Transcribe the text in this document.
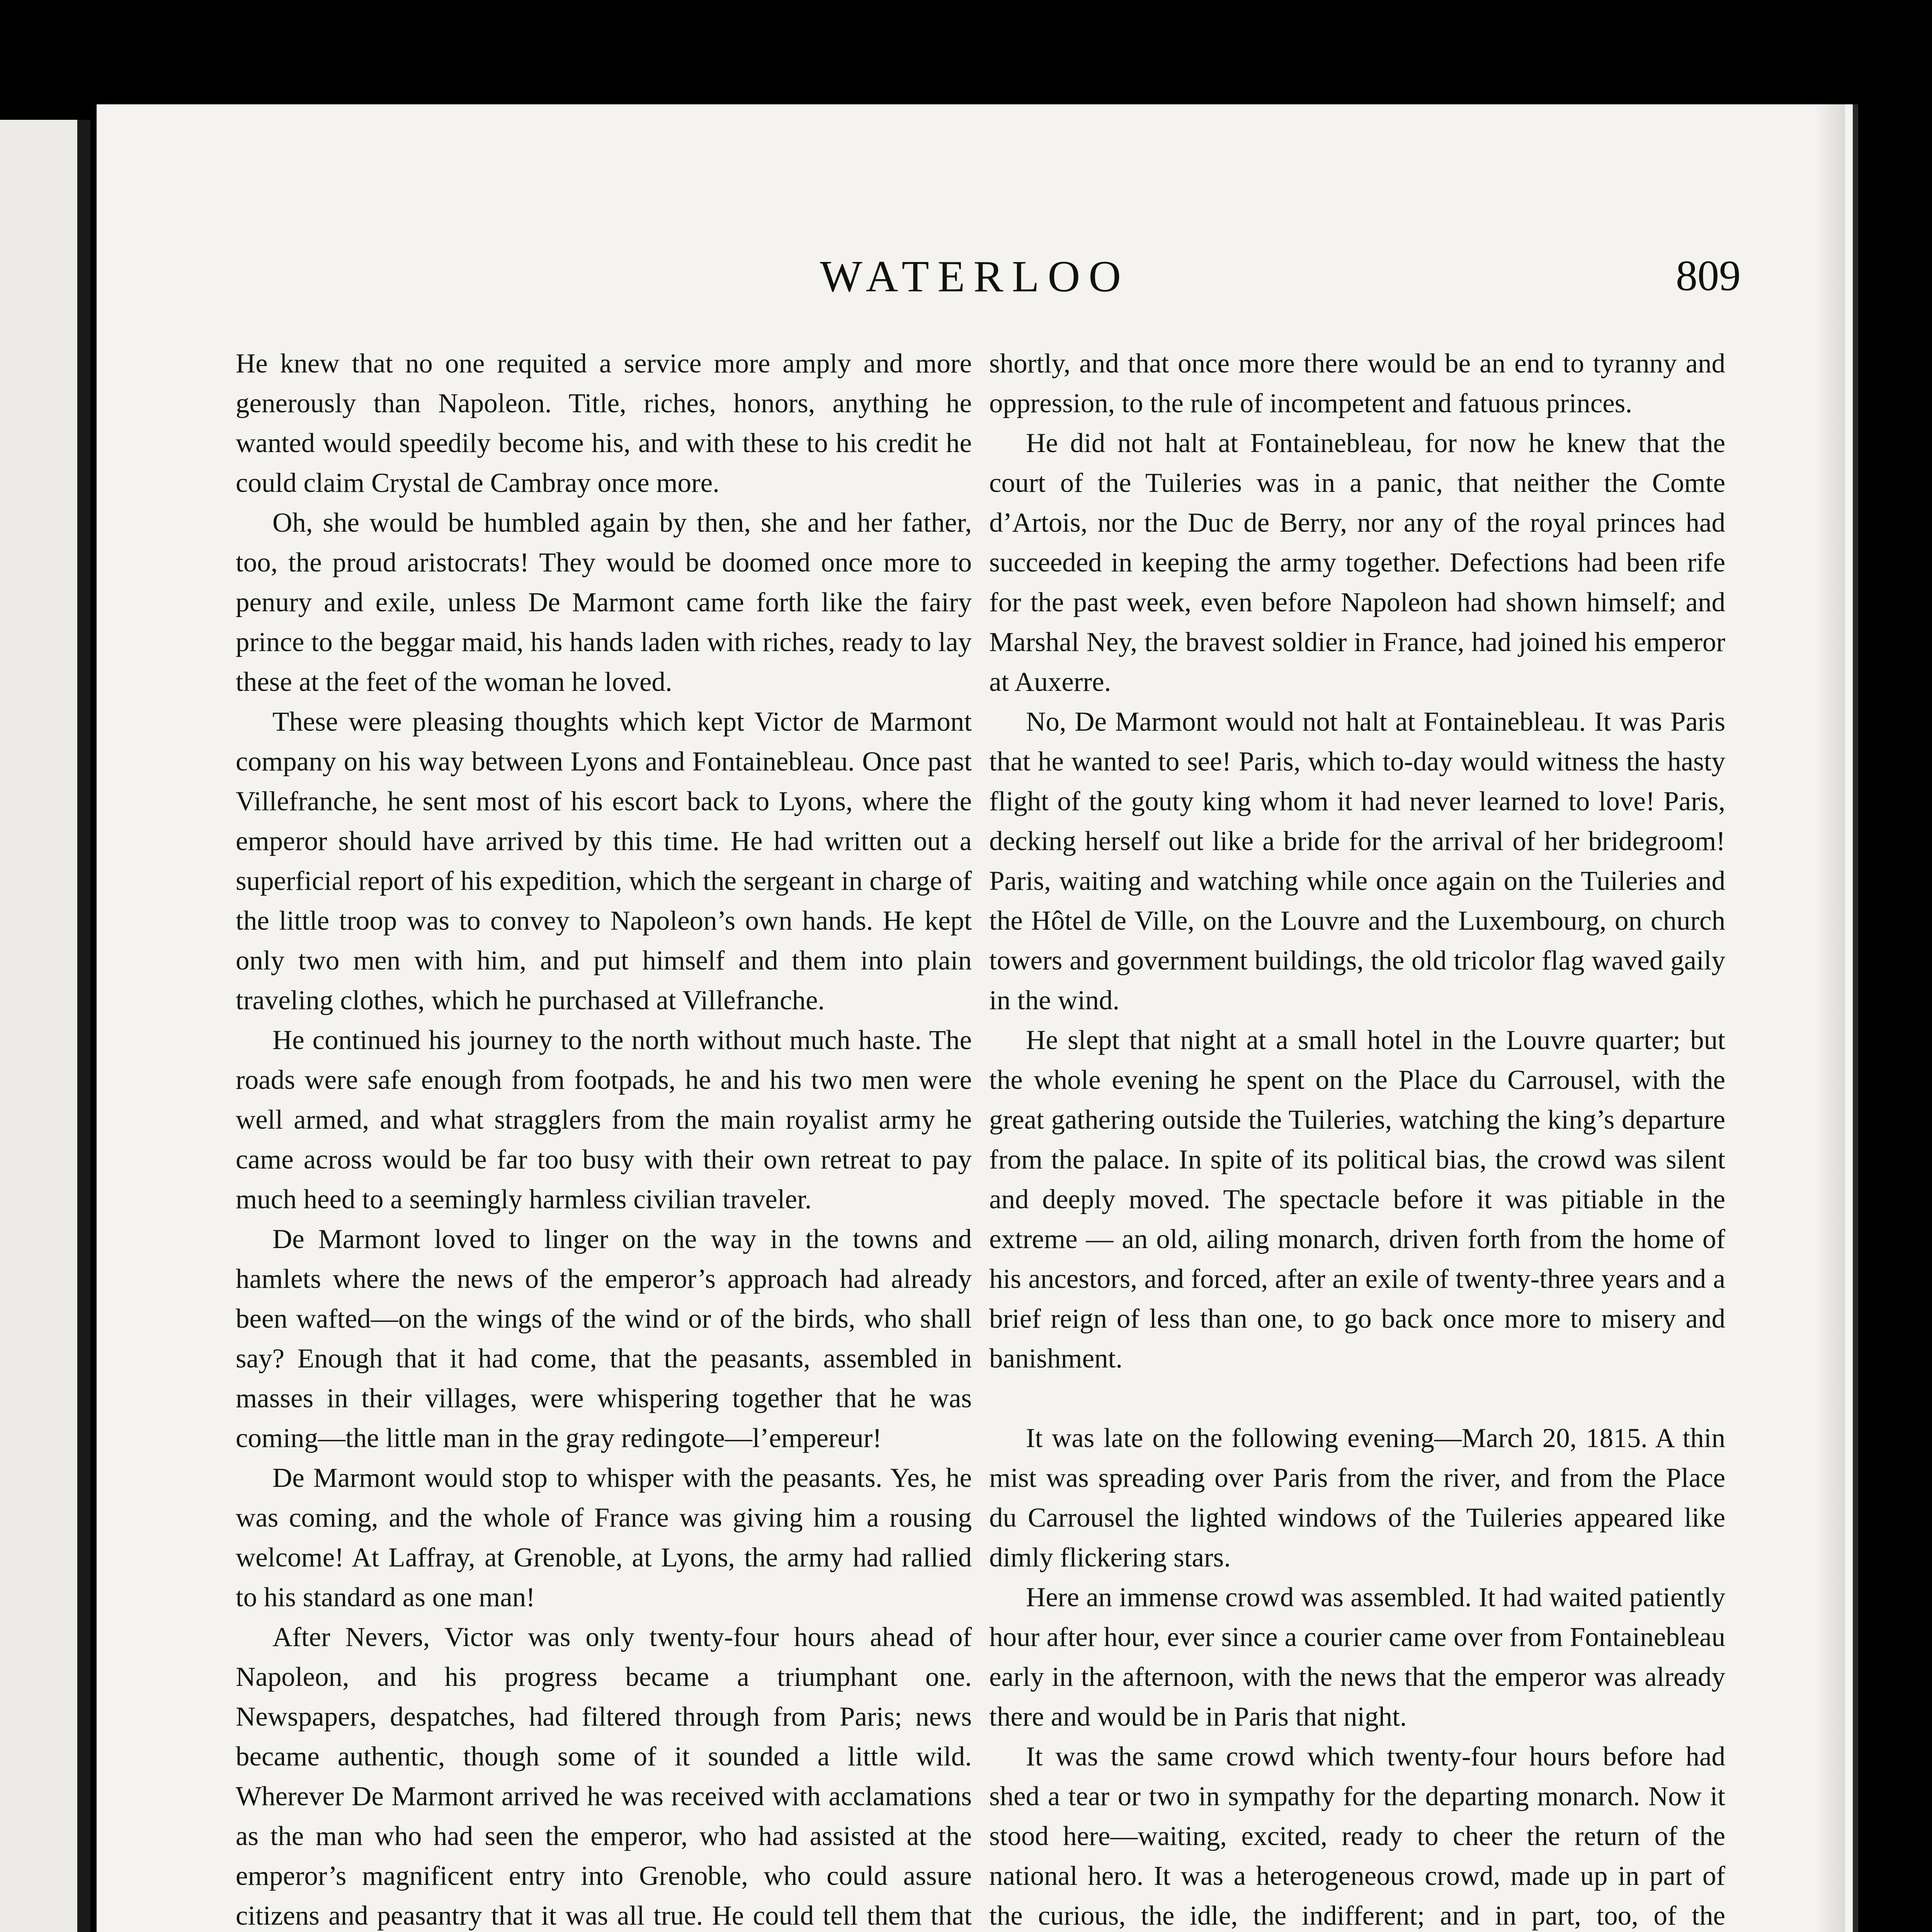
WATERLOO	809

He knew that no one requited a service more amply and more generously than Napoleon. Title, riches, honors, anything he wanted would speedily become his, and with these to his credit he could claim Crystal de Cambray once more.

Oh, she would be humbled again by then, she and her father, too, the proud aristocrats! They would be doomed once more to penury and exile, unless De Marmont came forth like the fairy prince to the beggar maid, his hands laden with riches, ready to lay these at the feet of the woman he loved.

These were pleasing thoughts which kept Victor de Marmont company on his way between Lyons and Fontainebleau. Once past Villefranche, he sent most of his escort back to Lyons, where the emperor should have arrived by this time. He had written out a superficial report of his expedition, which the sergeant in charge of the little troop was to convey to Napoleon’s own hands. He kept only two men with him, and put himself and them into plain traveling clothes, which he purchased at Villefranche.

He continued his journey to the north without much haste. The roads were safe enough from footpads, he and his two men were well armed, and what stragglers from the main royalist army he came across would be far too busy with their own retreat to pay much heed to a seemingly harmless civilian traveler.

De Marmont loved to linger on the way in the towns and hamlets where the news of the emperor’s approach had already been wafted—on the wings of the wind or of the birds, who shall say? Enough that it had come, that the peasants, assembled in masses in their villages, were whispering together that he was coming—the little man in the gray redingote—l’empereur!

De Marmont would stop to whisper with the peasants. Yes, he was coming, and the whole of France was giving him a rousing welcome! At Laffray, at Grenoble, at Lyons, the army had rallied to his standard as one man!

After Nevers, Victor was only twenty-four hours ahead of Napoleon, and his progress became a triumphant one. Newspapers, despatches, had filtered through from Paris; news became authentic, though some of it sounded a little wild. Wherever De Marmont arrived he was received with acclamations as the man who had seen the emperor, who had assisted at the emperor’s magnificent entry into Grenoble, who could assure citizens and peasantry that it was all true. He could tell them that

shortly, and that once more there would be an end to tyranny and oppression, to the rule of incompetent and fatuous princes.

He did not halt at Fontainebleau, for now he knew that the court of the Tuileries was in a panic, that neither the Comte d’Artois, nor the Duc de Berry, nor any of the royal princes had succeeded in keeping the army together. Defections had been rife for the past week, even before Napoleon had shown himself; and Marshal Ney, the bravest soldier in France, had joined his emperor at Auxerre.

No, De Marmont would not halt at Fontainebleau. It was Paris that he wanted to see! Paris, which to-day would witness the hasty flight of the gouty king whom it had never learned to love! Paris, decking herself out like a bride for the arrival of her bridegroom! Paris, waiting and watching while once again on the Tuileries and the Hôtel de Ville, on the Louvre and the Luxembourg, on church towers and government buildings, the old tricolor flag waved gaily in the wind.

He slept that night at a small hotel in the Louvre quarter; but the whole evening he spent on the Place du Carrousel, with the great gathering outside the Tuileries, watching the king’s departure from the palace. In spite of its political bias, the crowd was silent and deeply moved. The spectacle before it was pitiable in the extreme — an old, ailing monarch, driven forth from the home of his ancestors, and forced, after an exile of twenty-three years and a brief reign of less than one, to go back once more to misery and banishment.

It was late on the following evening—March 20, 1815. A thin mist was spreading over Paris from the river, and from the Place du Carrousel the lighted windows of the Tuileries appeared like dimly flickering stars.

Here an immense crowd was assembled. It had waited patiently hour after hour, ever since a courier came over from Fontainebleau early in the afternoon, with the news that the emperor was already there and would be in Paris that night.

It was the same crowd which twenty-four hours before had shed a tear or two in sympathy for the departing monarch. Now it stood here—waiting, excited, ready to cheer the return of the national hero. It was a heterogeneous crowd, made up in part of the curious, the idle, the indifferent; and in part, too, of the
